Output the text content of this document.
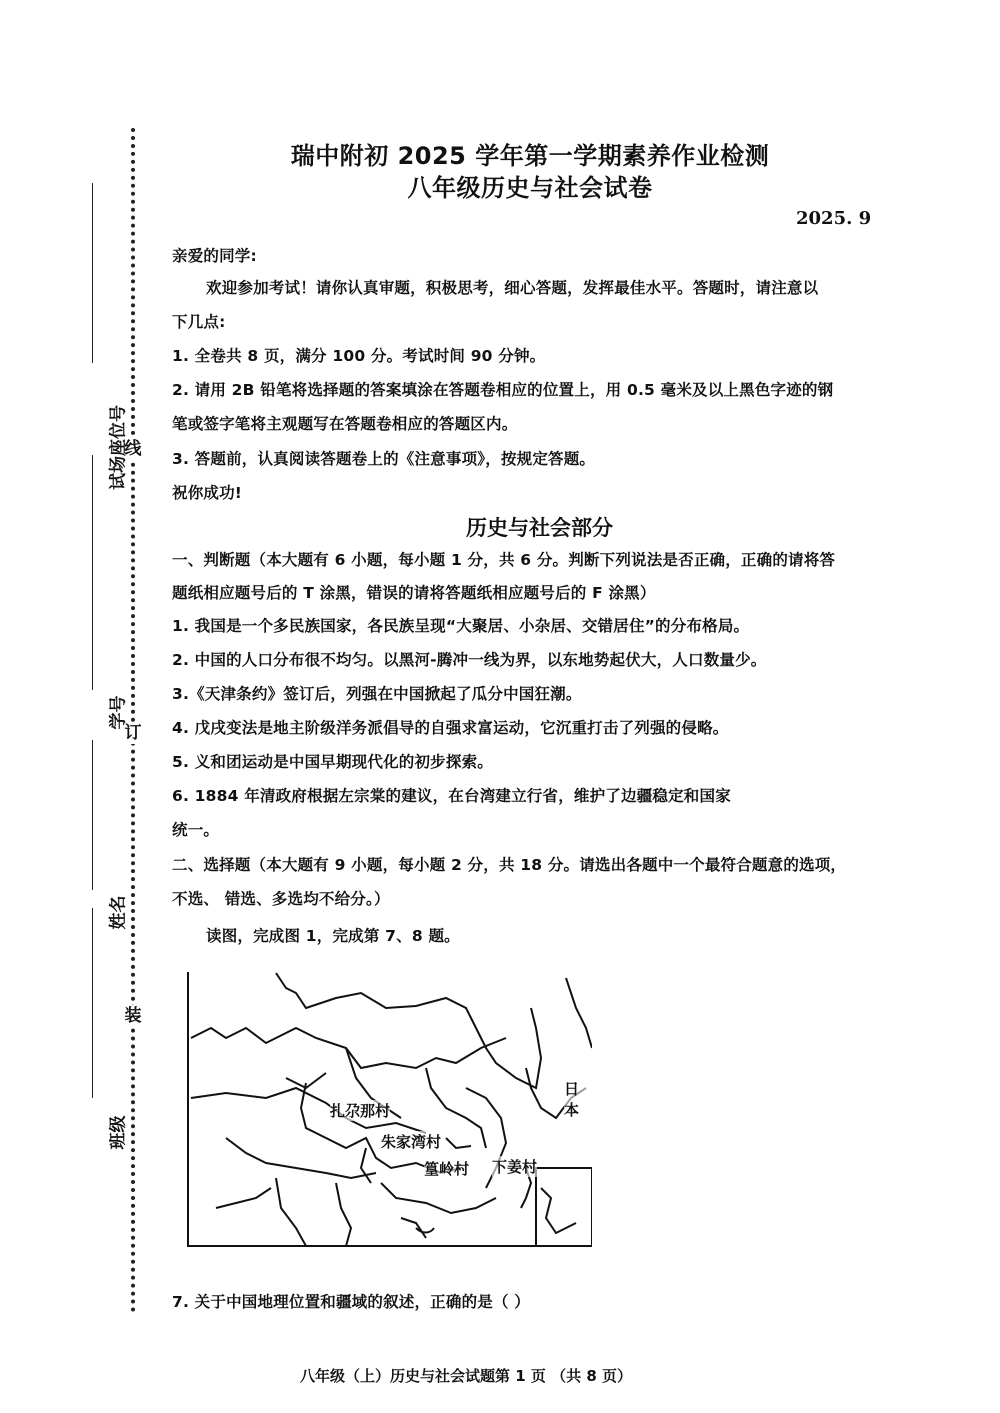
线
订
装
试场座位号
学号
姓名
班级
瑞中附初 2025 学年第一学期素养作业检测
八年级历史与社会试卷
2025. 9
亲爱的同学:
欢迎参加考试！请你认真审题，积极思考，细心答题，发挥最佳水平。答题时，请注意以
下几点:
1. 全卷共 8 页，满分 100 分。考试时间 90 分钟。
2. 请用 2B 铅笔将选择题的答案填涂在答题卷相应的位置上，用 0.5 毫米及以上黑色字迹的钢
笔或签字笔将主观题写在答题卷相应的答题区内。
3. 答题前，认真阅读答题卷上的《注意事项》，按规定答题。
祝你成功!
历史与社会部分
一、判断题（本大题有 6 小题，每小题 1 分，共 6 分。判断下列说法是否正确，正确的请将答
题纸相应题号后的 T 涂黑，错误的请将答题纸相应题号后的 F 涂黑）
1. 我国是一个多民族国家，各民族呈现“大聚居、小杂居、交错居住”的分布格局。
2. 中国的人口分布很不均匀。以黑河-腾冲一线为界，以东地势起伏大，人口数量少。
3.《天津条约》签订后，列强在中国掀起了瓜分中国狂潮。
4. 戊戌变法是地主阶级洋务派倡导的自强求富运动，它沉重打击了列强的侵略。
5. 义和团运动是中国早期现代化的初步探索。
6. 1884 年清政府根据左宗棠的建议，在台湾建立行省，维护了边疆稳定和国家
统一。
二、选择题（本大题有 9 小题，每小题 2 分，共 18 分。请选出各题中一个最符合题意的选项，
不选、 错选、多选均不给分。）
读图，完成图 1，完成第 7、8 题。
扎尕那村
朱家湾村
篁岭村 下姜村
日本
7. 关于中国地理位置和疆域的叙述，正确的是（ ）
八年级（上）历史与社会试题第 1 页 （共 8 页）
